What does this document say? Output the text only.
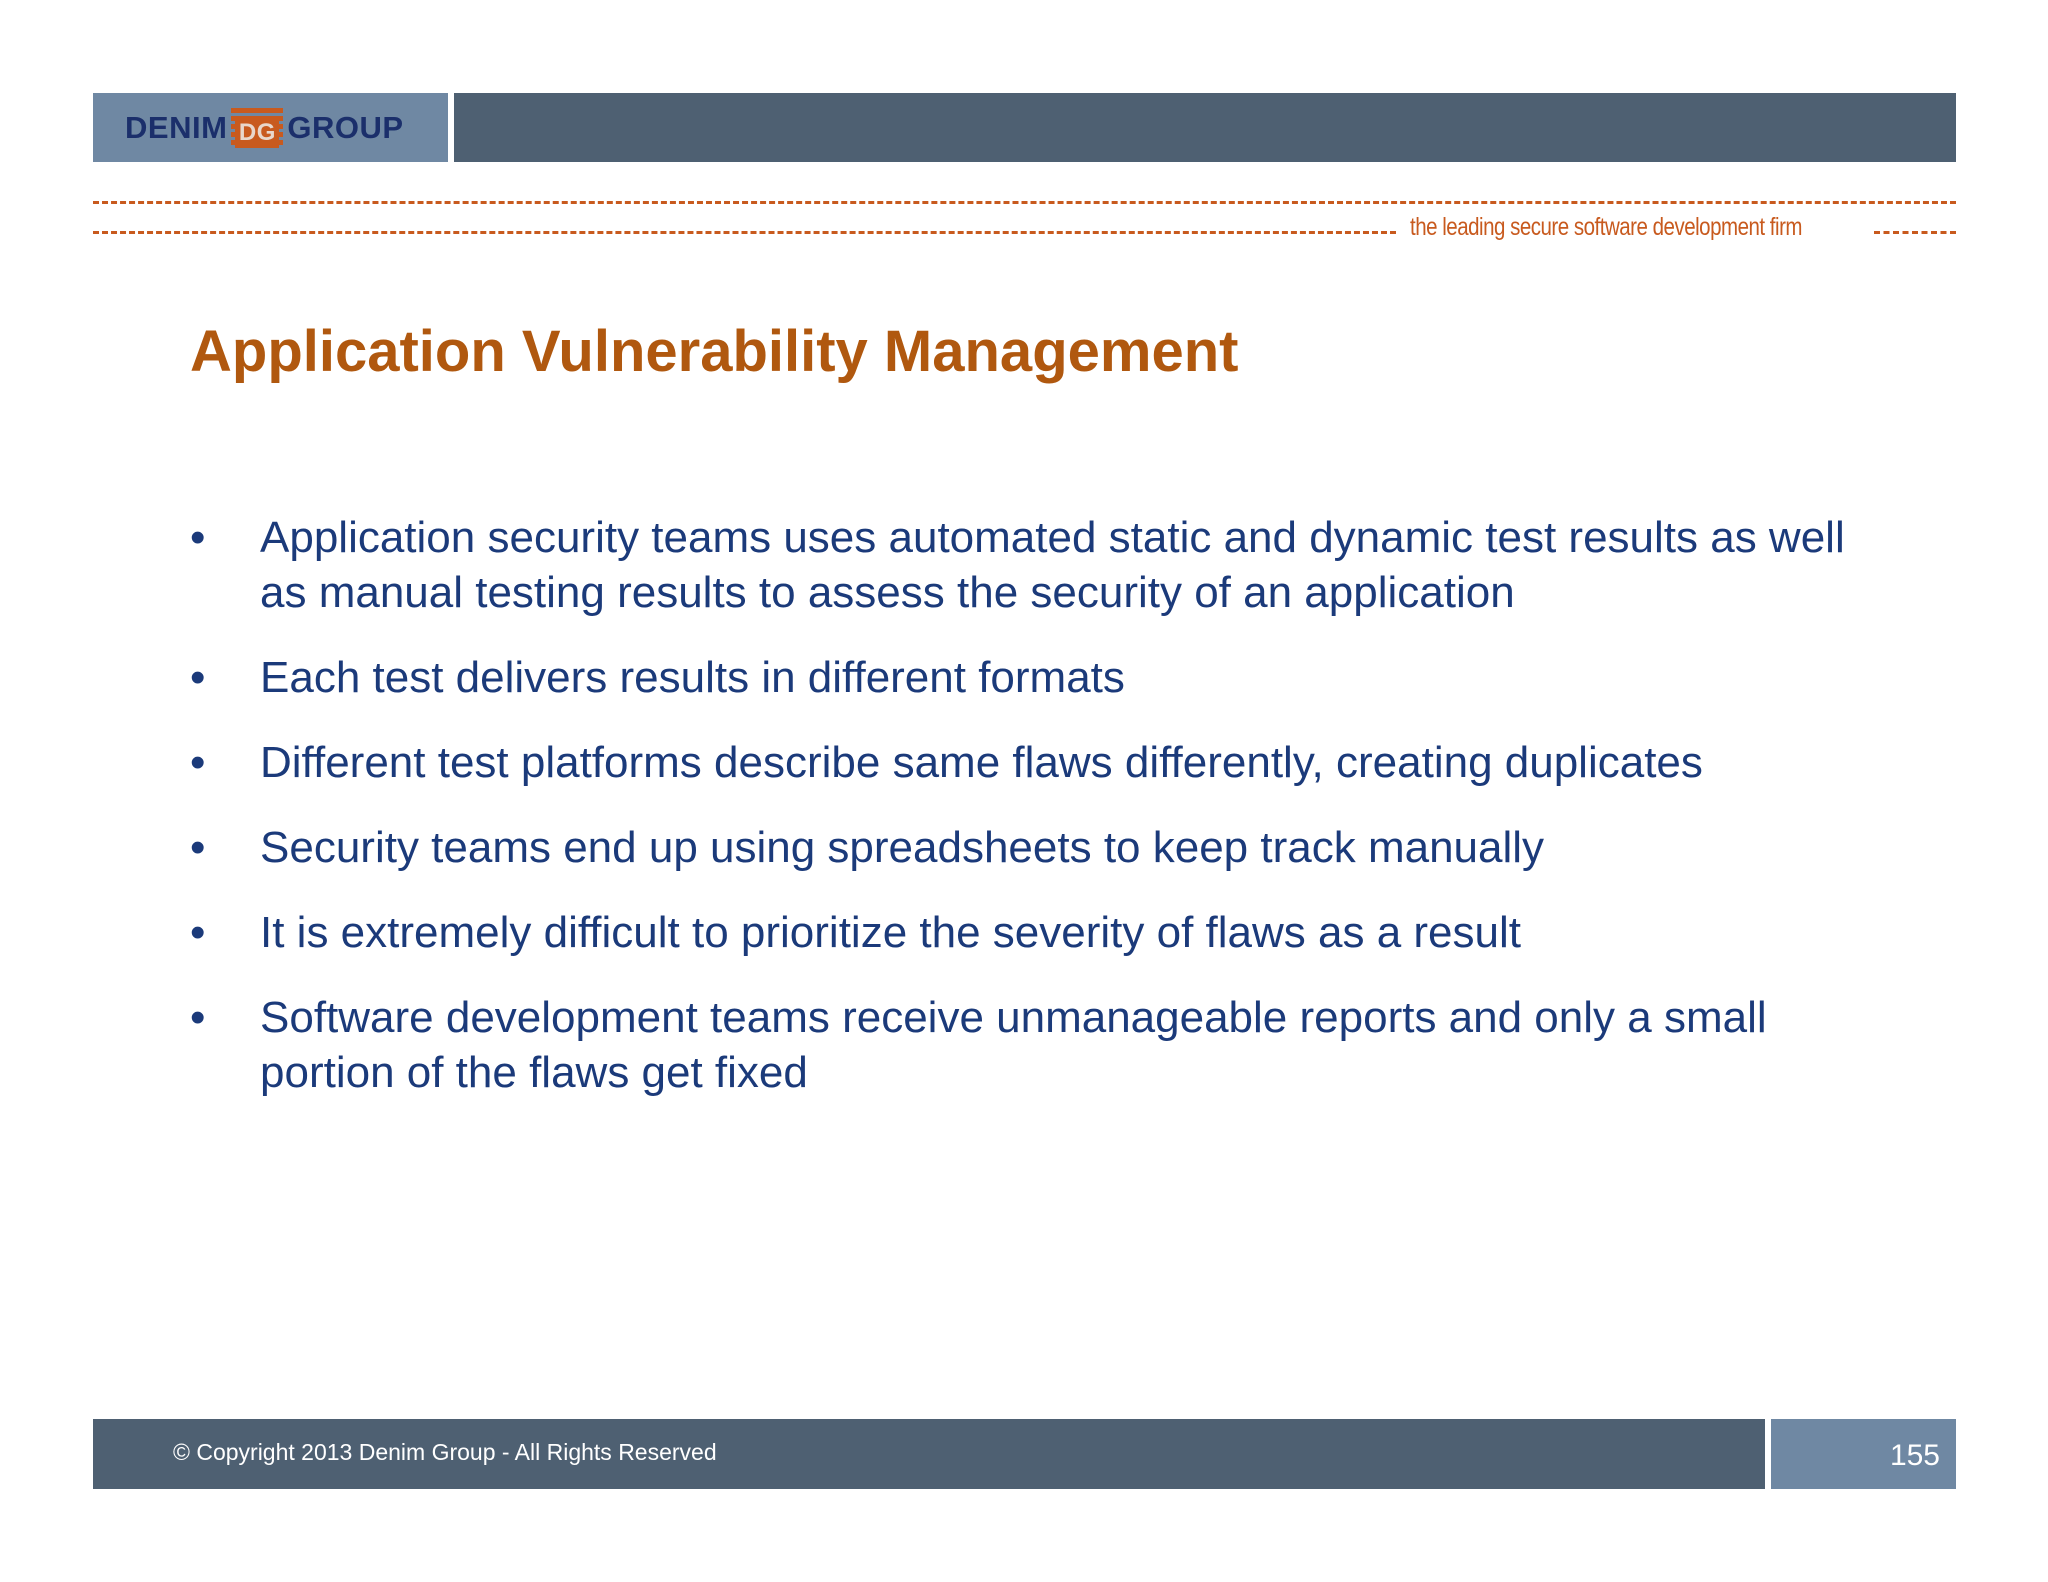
DENIM DG GROUP
the leading secure software development firm
Application Vulnerability Management
• Application security teams uses automated static and dynamic test results as well as manual testing results to assess the security of an application
• Each test delivers results in different formats
• Different test platforms describe same flaws differently, creating duplicates
• Security teams end up using spreadsheets to keep track manually
• It is extremely difficult to prioritize the severity of flaws as a result
• Software development teams receive unmanageable reports and only a small portion of the flaws get fixed
© Copyright 2013 Denim Group - All Rights Reserved	155
